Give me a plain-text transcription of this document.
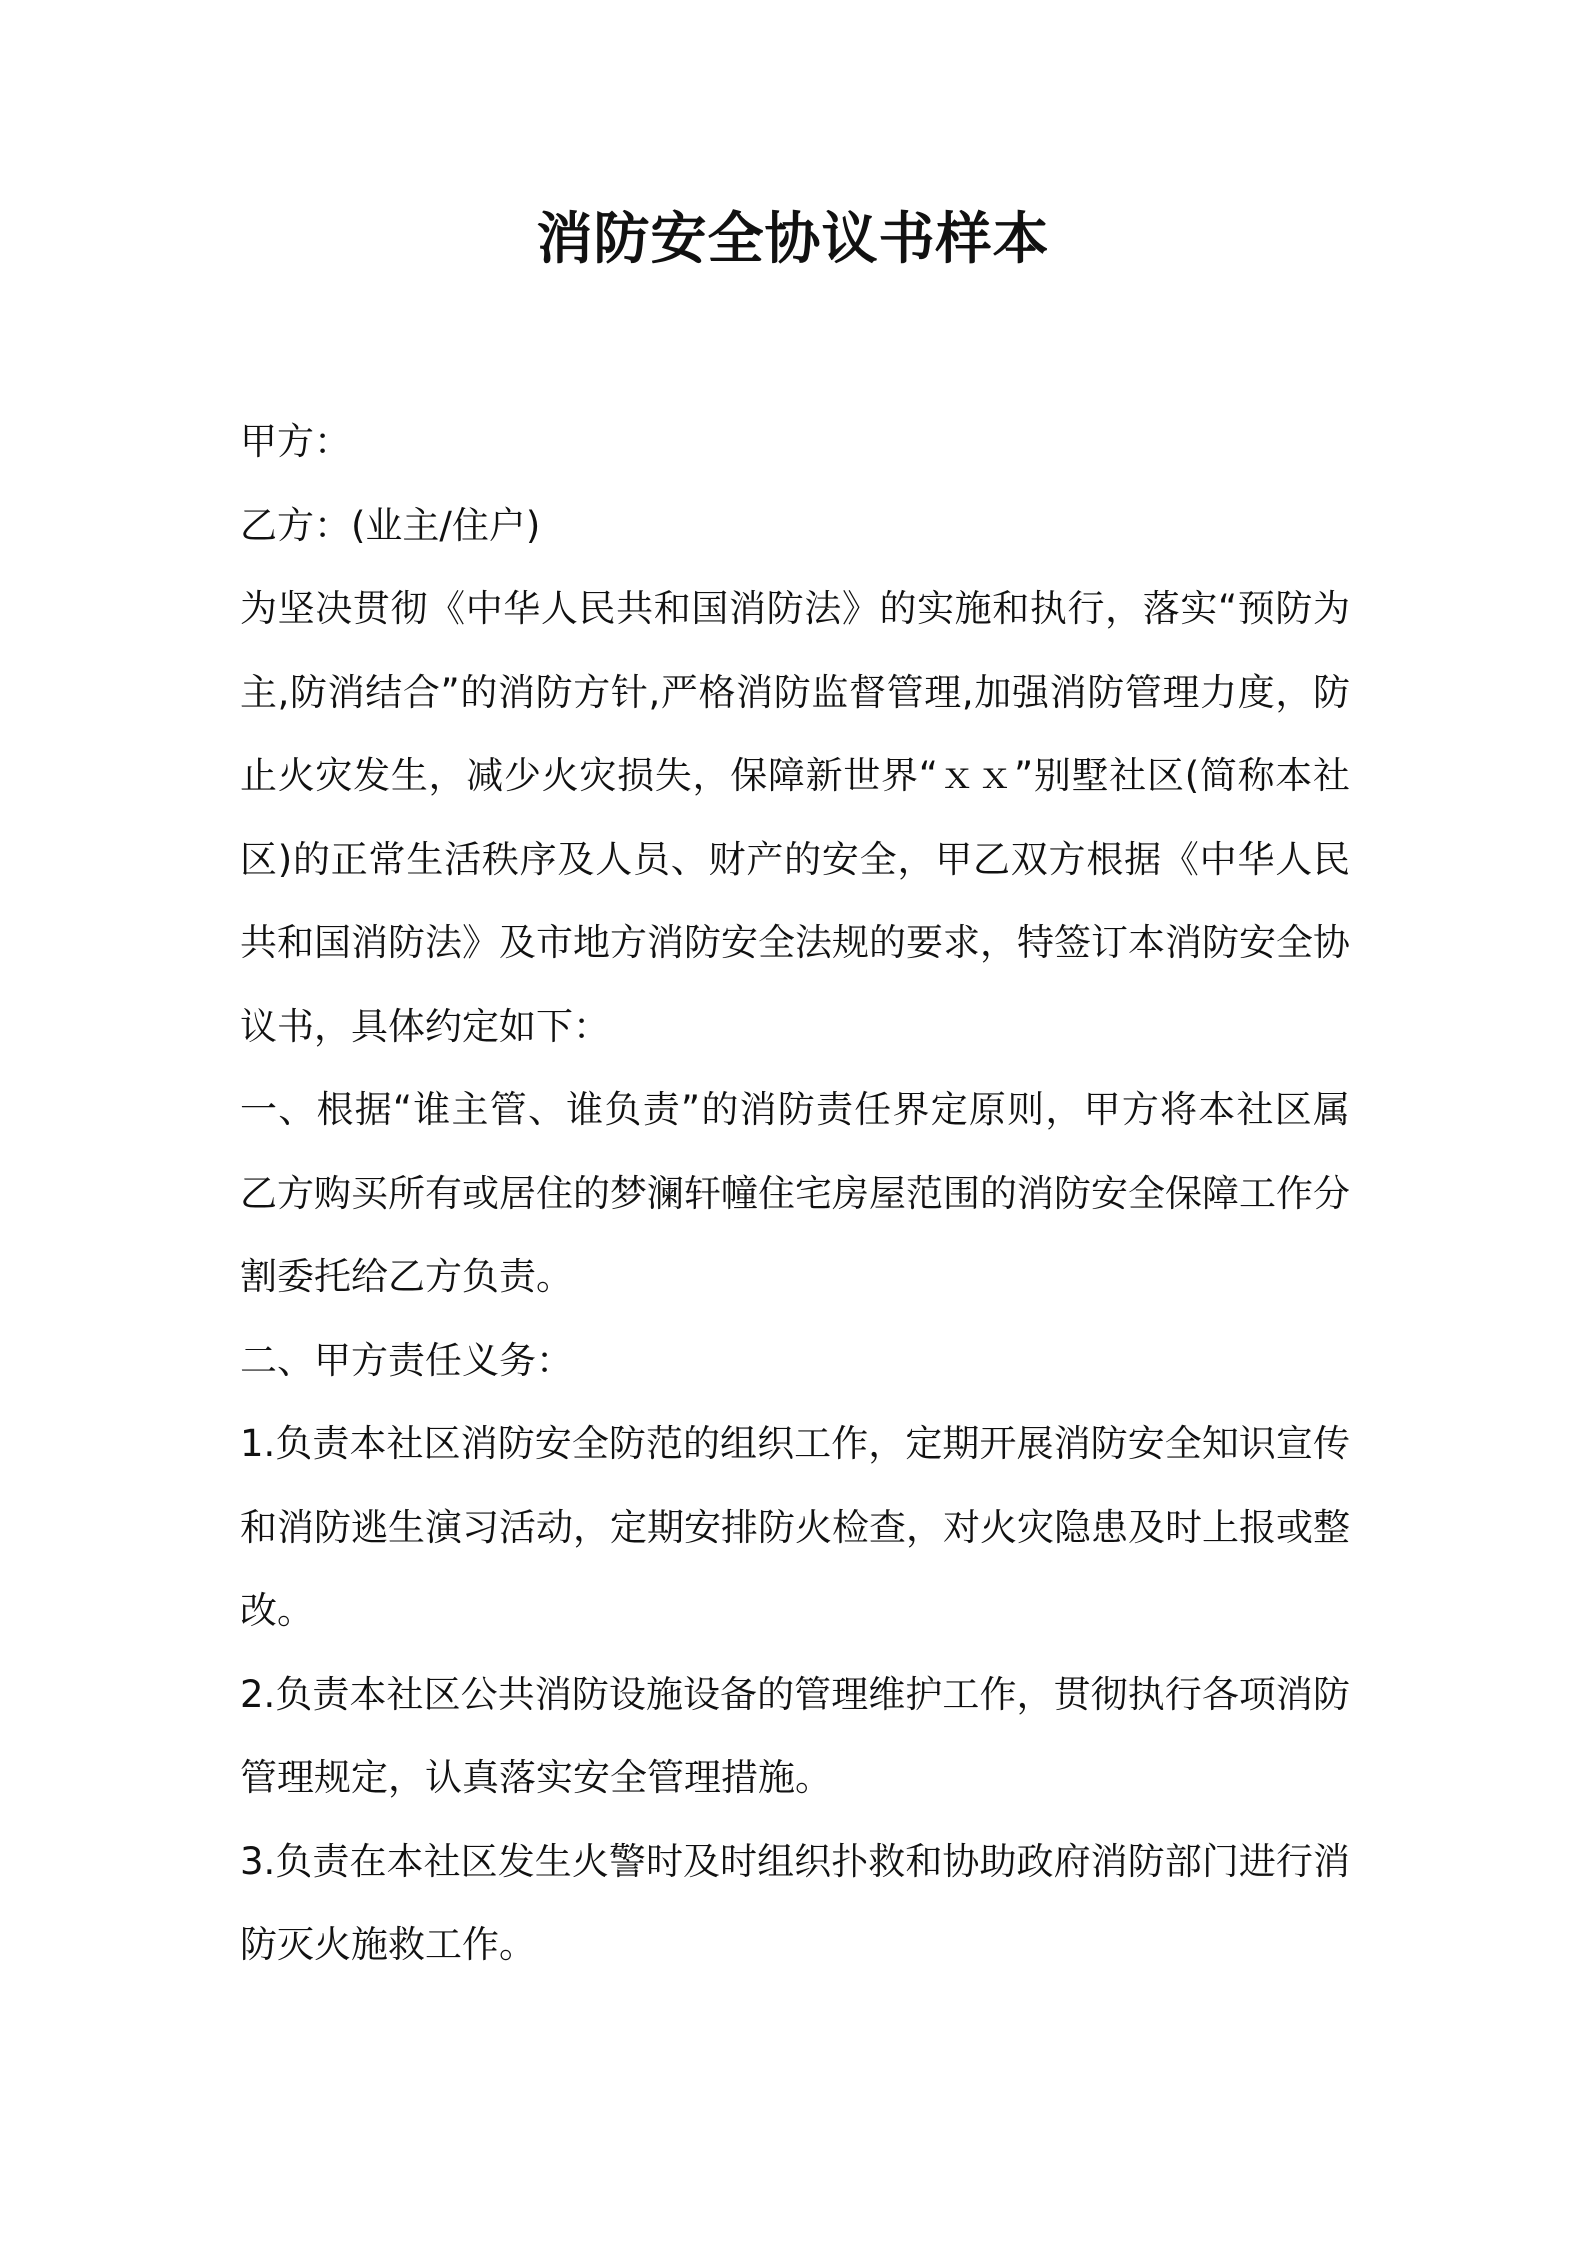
消防安全协议书样本

甲方：

乙方：(业主/住户)

为坚决贯彻《中华人民共和国消防法》的实施和执行，落实“预防为主,防消结合”的消防方针,严格消防监督管理,加强消防管理力度，防止火灾发生，减少火灾损失，保障新世界“ｘｘ”别墅社区(简称本社区)的正常生活秩序及人员、财产的安全，甲乙双方根据《中华人民共和国消防法》及市地方消防安全法规的要求，特签订本消防安全协议书，具体约定如下：

一、根据“谁主管、谁负责”的消防责任界定原则，甲方将本社区属乙方购买所有或居住的梦澜轩幢住宅房屋范围的消防安全保障工作分割委托给乙方负责。

二、甲方责任义务：

1.负责本社区消防安全防范的组织工作，定期开展消防安全知识宣传和消防逃生演习活动，定期安排防火检查，对火灾隐患及时上报或整改。

2.负责本社区公共消防设施设备的管理维护工作，贯彻执行各项消防管理规定，认真落实安全管理措施。

3.负责在本社区发生火警时及时组织扑救和协助政府消防部门进行消防灭火施救工作。
